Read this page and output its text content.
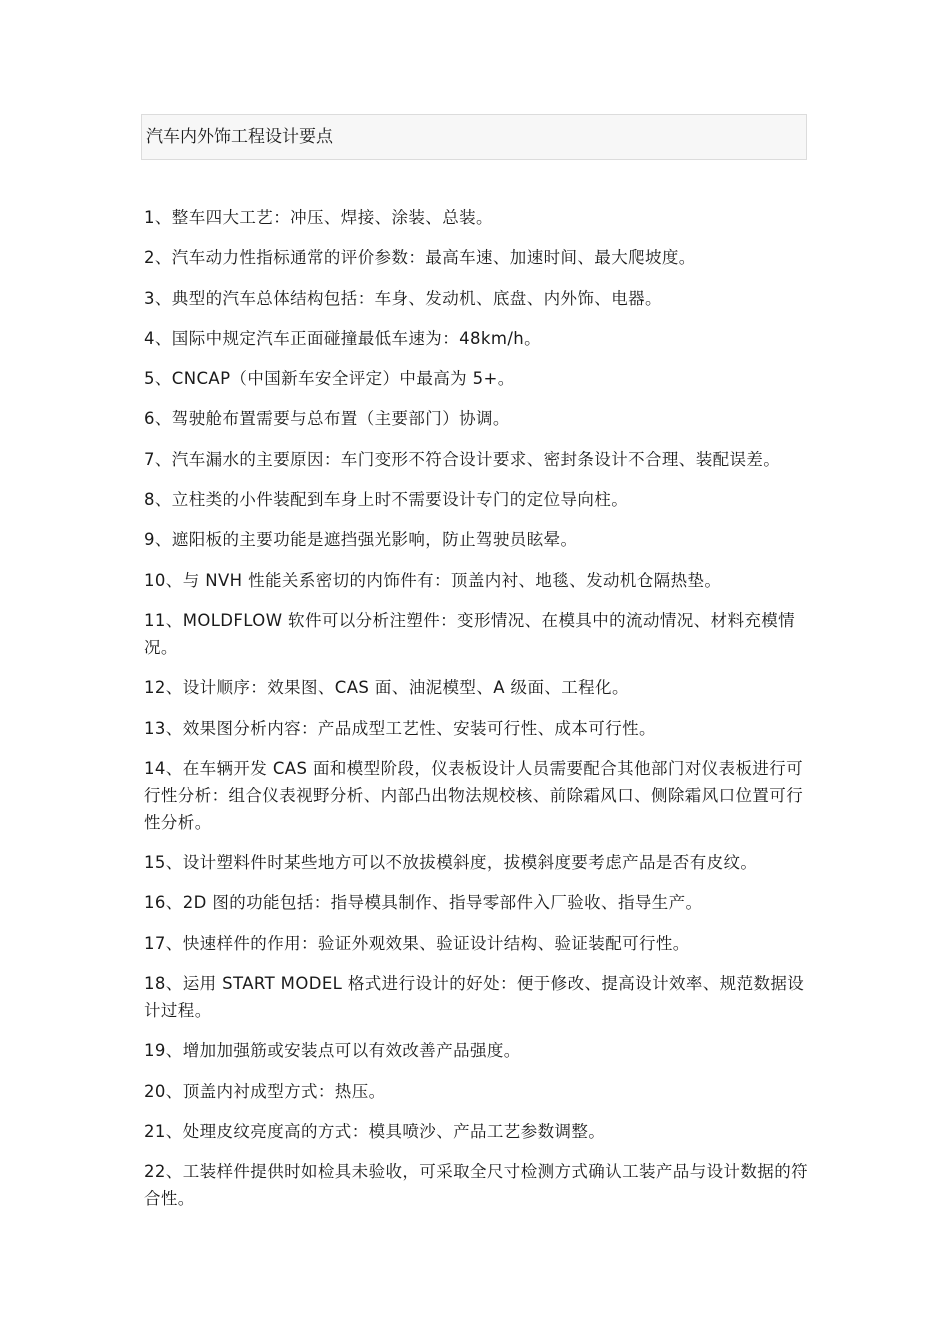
汽车内外饰工程设计要点
1、整车四大工艺：冲压、焊接、涂装、总装。
2、汽车动力性指标通常的评价参数：最高车速、加速时间、最大爬坡度。
3、典型的汽车总体结构包括：车身、发动机、底盘、内外饰、电器。
4、国际中规定汽车正面碰撞最低车速为：48km/h。
5、CNCAP（中国新车安全评定）中最高为 5+。
6、驾驶舱布置需要与总布置（主要部门）协调。
7、汽车漏水的主要原因：车门变形不符合设计要求、密封条设计不合理、装配误差。
8、立柱类的小件装配到车身上时不需要设计专门的定位导向柱。
9、遮阳板的主要功能是遮挡强光影响，防止驾驶员眩晕。
10、与 NVH 性能关系密切的内饰件有：顶盖内衬、地毯、发动机仓隔热垫。
11、MOLDFLOW 软件可以分析注塑件：变形情况、在模具中的流动情况、材料充模情况。
12、设计顺序：效果图、CAS 面、油泥模型、A 级面、工程化。
13、效果图分析内容：产品成型工艺性、安装可行性、成本可行性。
14、在车辆开发 CAS 面和模型阶段，仪表板设计人员需要配合其他部门对仪表板进行可行性分析：组合仪表视野分析、内部凸出物法规校核、前除霜风口、侧除霜风口位置可行性分析。
15、设计塑料件时某些地方可以不放拔模斜度，拔模斜度要考虑产品是否有皮纹。
16、2D 图的功能包括：指导模具制作、指导零部件入厂验收、指导生产。
17、快速样件的作用：验证外观效果、验证设计结构、验证装配可行性。
18、运用 START MODEL 格式进行设计的好处：便于修改、提高设计效率、规范数据设计过程。
19、增加加强筋或安装点可以有效改善产品强度。
20、顶盖内衬成型方式：热压。
21、处理皮纹亮度高的方式：模具喷沙、产品工艺参数调整。
22、工装样件提供时如检具未验收，可采取全尺寸检测方式确认工装产品与设计数据的符合性。
